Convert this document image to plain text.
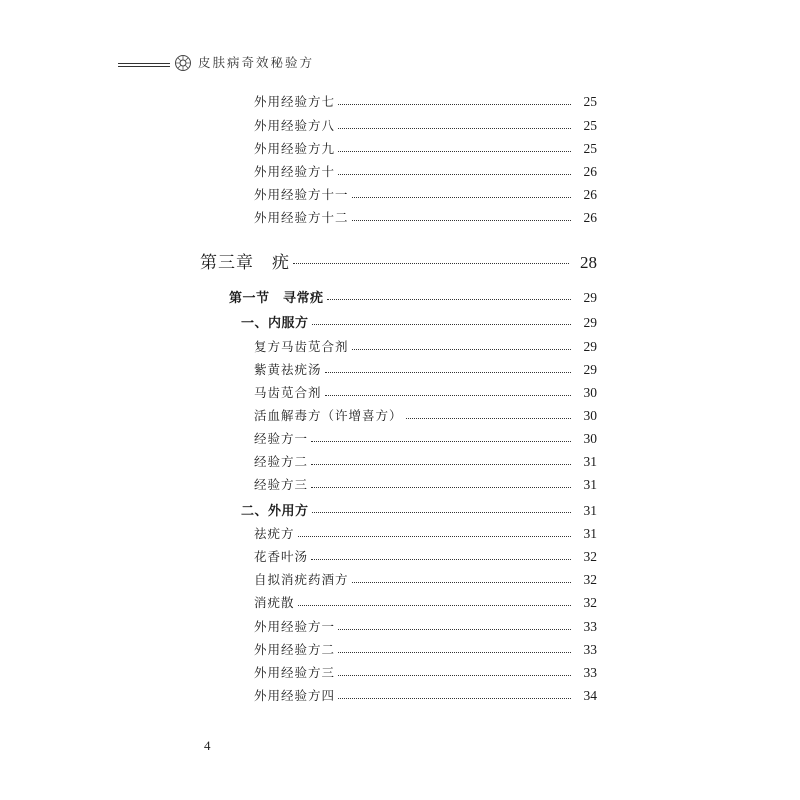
皮肤病奇效秘验方
外用经验方七	25
外用经验方八	25
外用经验方九	25
外用经验方十	26
外用经验方十一	26
外用经验方十二	26
第三章　疣	28
第一节　寻常疣	29
一、内服方	29
复方马齿苋合剂	29
紫黄祛疣汤	29
马齿苋合剂	30
活血解毒方（许增喜方）	30
经验方一	30
经验方二	31
经验方三	31
二、外用方	31
祛疣方	31
花香叶汤	32
自拟消疣药酒方	32
消疣散	32
外用经验方一	33
外用经验方二	33
外用经验方三	33
外用经验方四	34
4
